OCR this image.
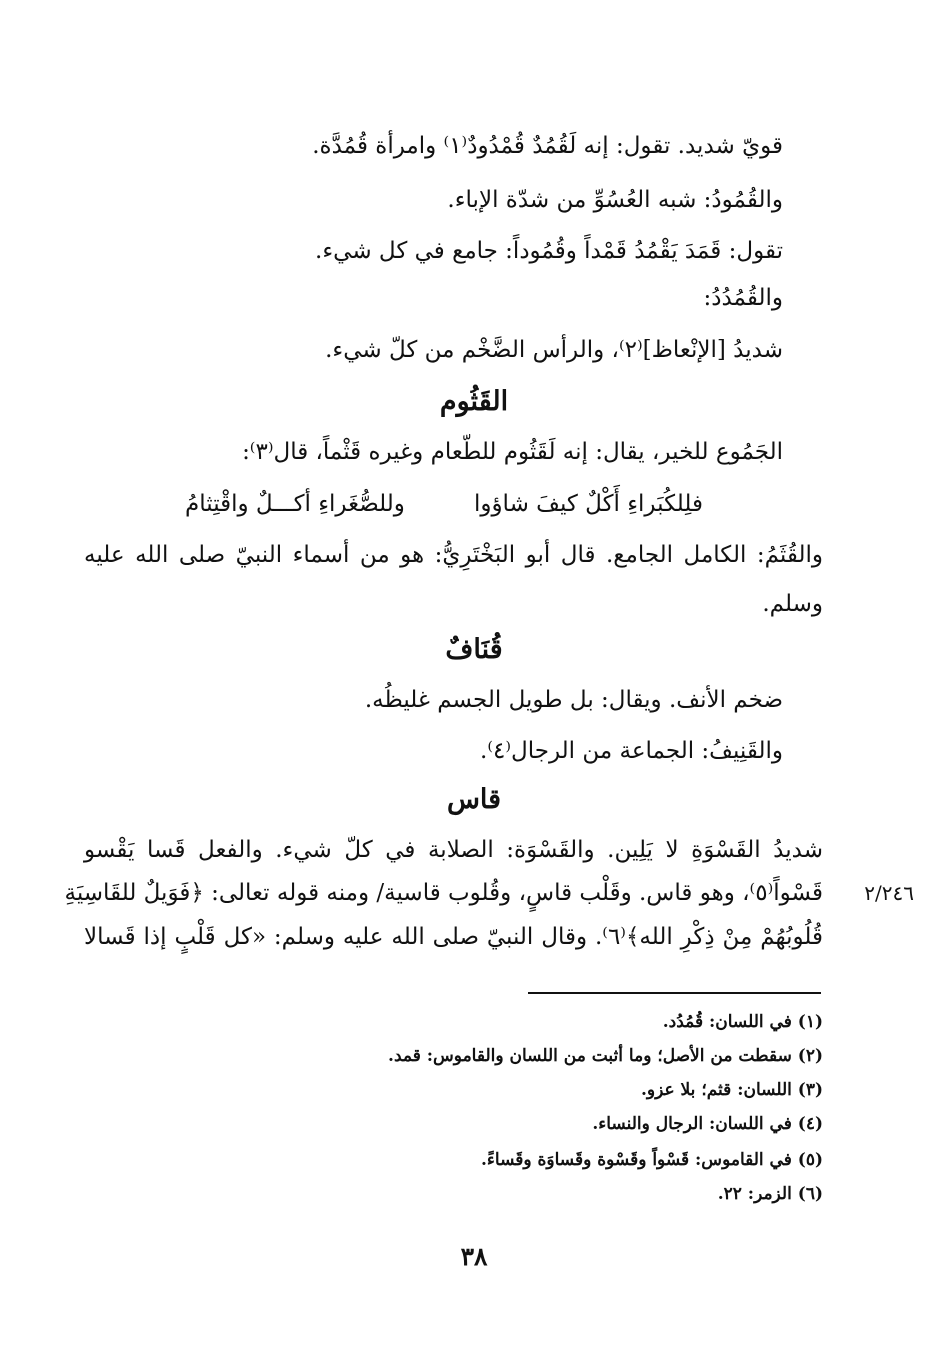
قويّ شديد. تقول: إنه لَقُمُدٌ قُمْدُودٌ⁽١⁾ وامرأة قُمُدَّة.
والقُمُودُ: شبه العُسُوِّ من شدّة الإباء.
تقول: قَمَدَ يَقْمُدُ قَمْداً وقُمُوداً: جامع في كل شيء.
والقُمُدُدُ:
شديدُ [الإنْعاظ]⁽٢⁾، والرأس الضَّخْم من كلّ شيء.
القَثُوم
الجَمُوع للخير، يقال: إنه لَقَثُوم للطّعام وغيره قَثْماً، قال⁽٣⁾:
فلِلكُبَراءِ أَكْلٌ كيفَ شاؤوا
وللصُّغَراءِ أكـــلٌ واقْتِثامُ
والقُثَمُ: الكامل الجامع. قال أبو البَخْتَرِيُّ: هو من أسماء النبيّ صلى الله عليه
وسلم.
قُنَافٌ
ضخم الأنف. ويقال: بل طويل الجسم غليظُه.
والقَنِيفُ: الجماعة من الرجال⁽٤⁾.
قاس
شديدُ القَسْوَةِ لا يَلِين. والقَسْوَة: الصلابة في كلّ شيء. والفعل قَسا يَقْسو
قَسْواً⁽٥⁾، وهو قاس. وقَلْب قاسٍ، وقُلوب قاسية/ ومنه قوله تعالى: ﴿فَوَيلٌ للقَاسِيَةِ ٢/٢٤٦
قُلُوبُهُمْ مِنْ ذِكْرِ الله﴾⁽٦⁾. وقال النبيّ صلى الله عليه وسلم: «كل قَلْبٍ إذا قَسالا
(١) في اللسان: قُمُدُد.
(٢) سقطت من الأصل؛ وما أثبت من اللسان والقاموس: قمد.
(٣) اللسان: قثم؛ بلا عزو.
(٤) في اللسان: الرجال والنساء.
(٥) في القاموس: قَسْواً وقَسْوة وقَساوَة وقَساءً.
(٦) الزمر: ٢٢.
٣٨
